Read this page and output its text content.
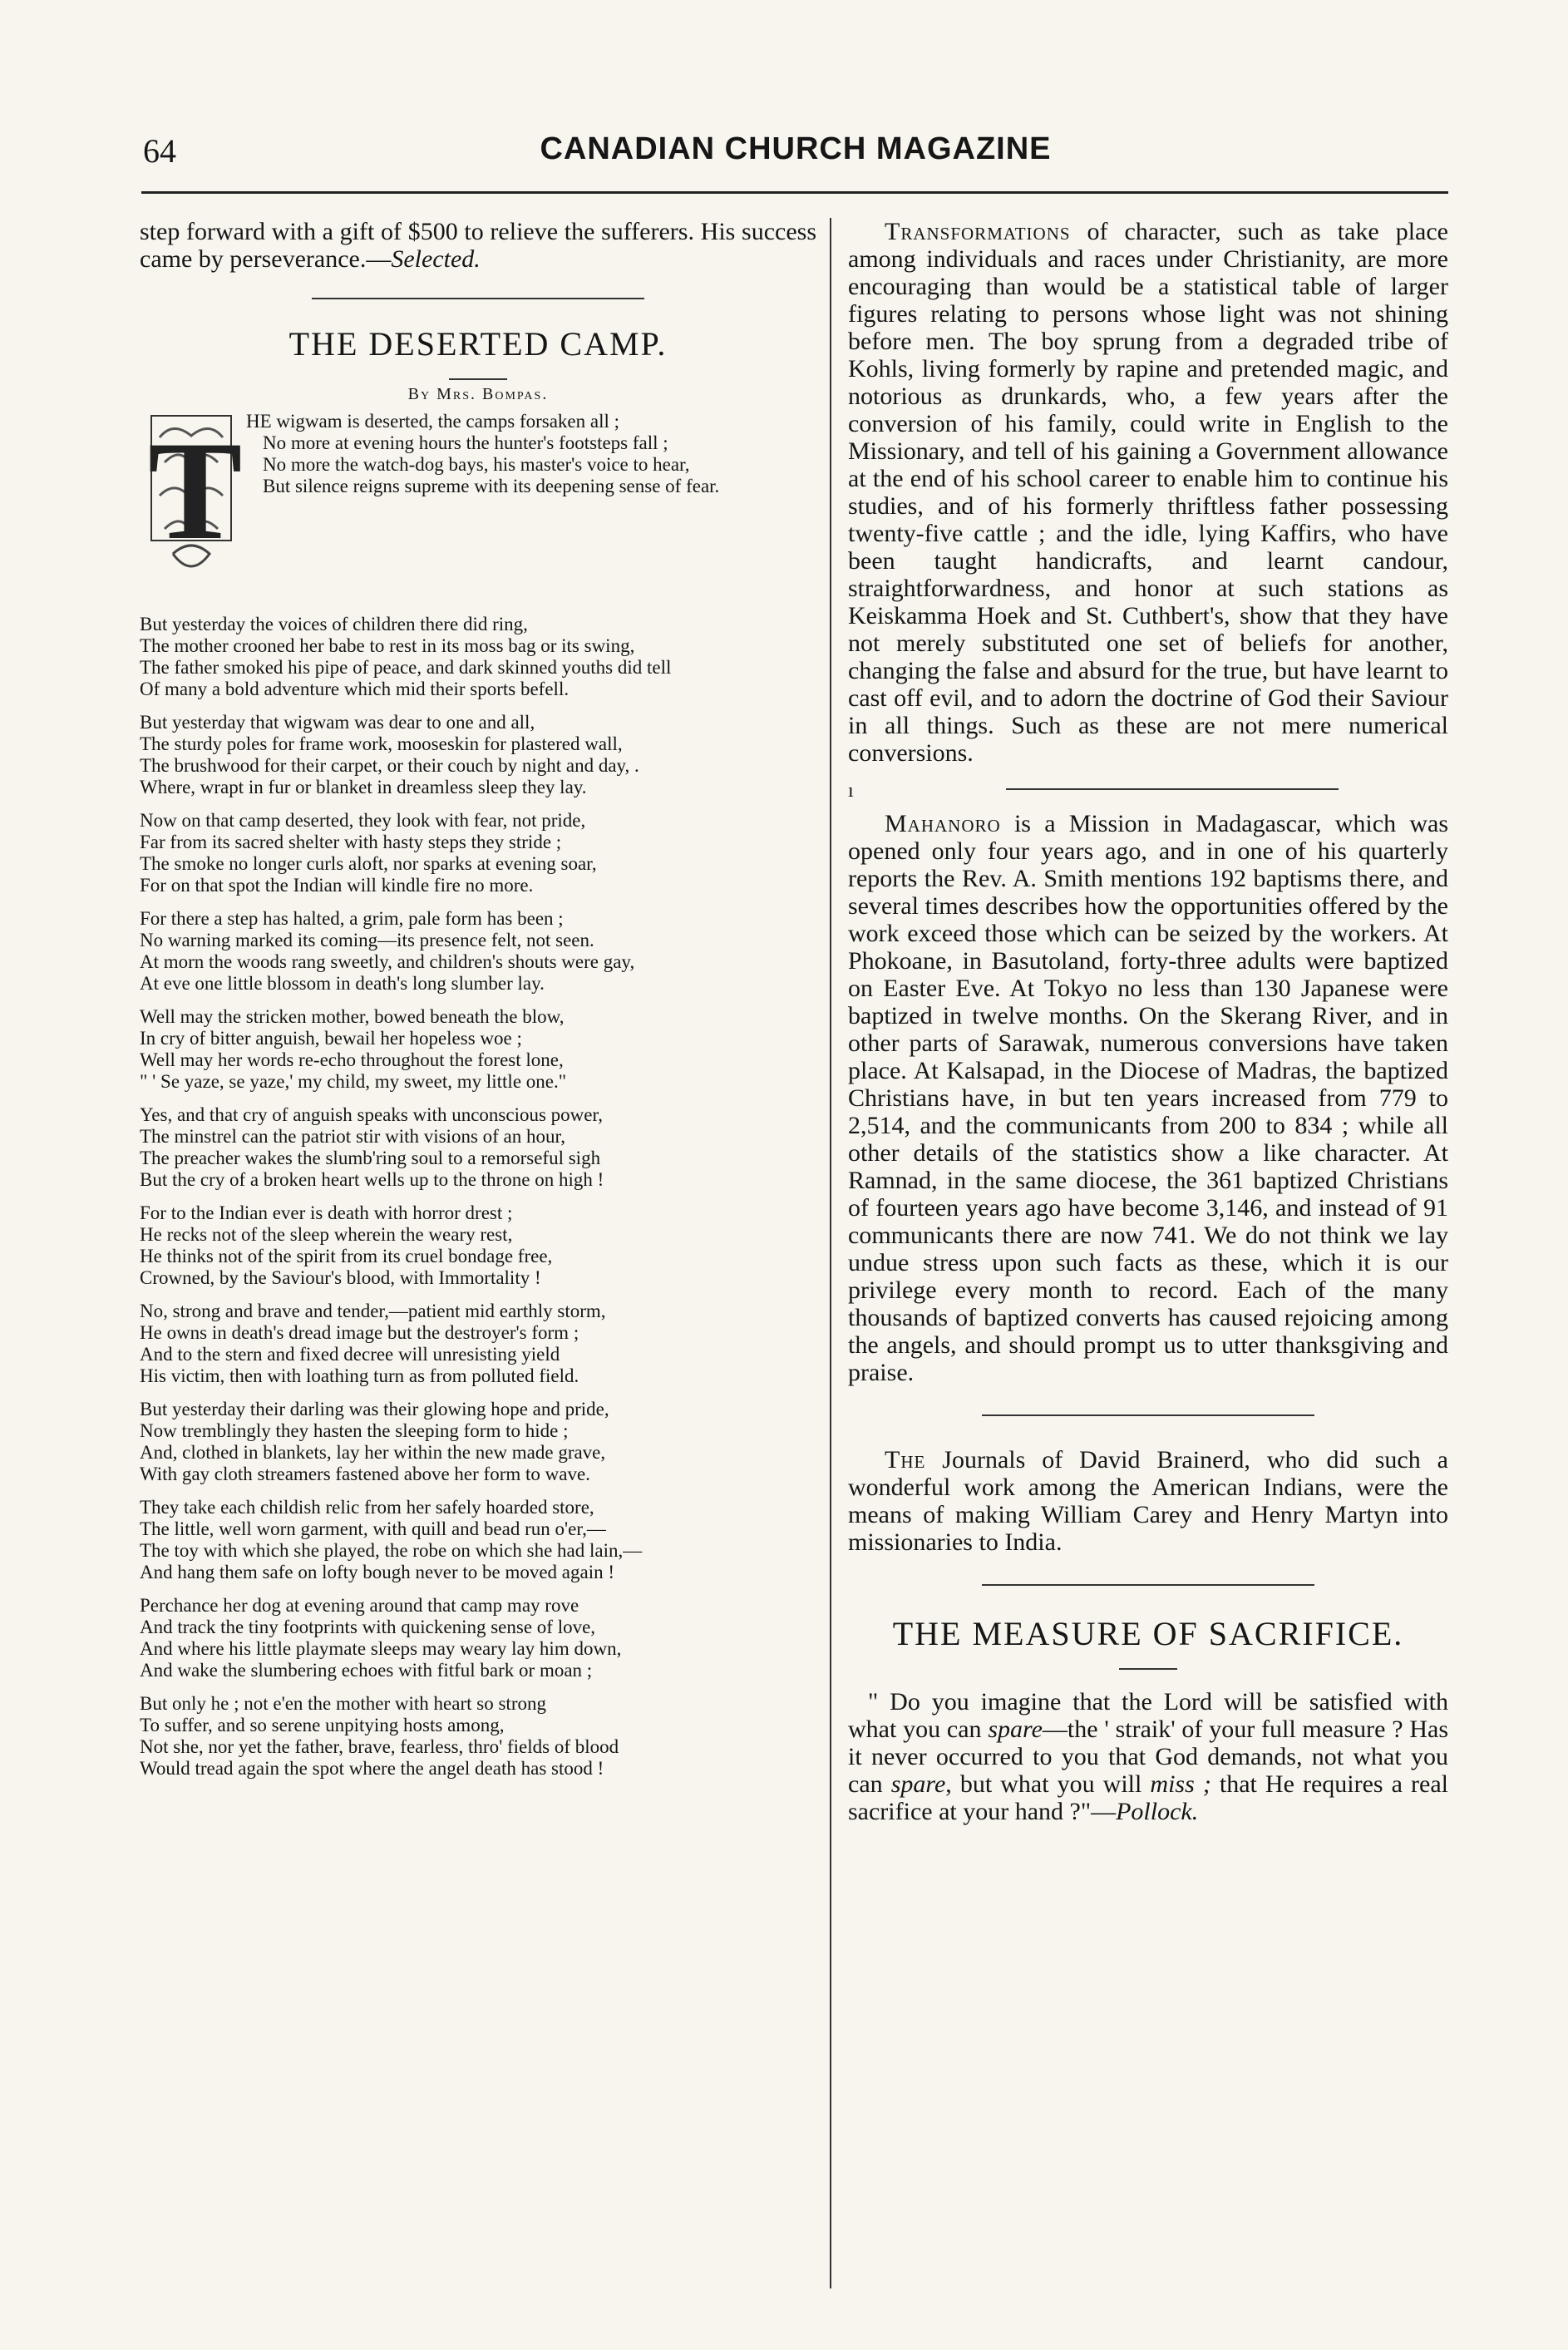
64	CANADIAN CHURCH MAGAZINE

step forward with a gift of $500 to relieve the sufferers. His success came by perseverance.—Selected.

THE DESERTED CAMP.
By Mrs. Bompas.
T HE wigwam is deserted, the camps forsaken all ;
No more at evening hours the hunter's footsteps fall ;
No more the watch-dog bays, his master's voice to hear,
But silence reigns supreme with its deepening sense of fear.
But yesterday the voices of children there did ring,
The mother crooned her babe to rest in its moss bag or its swing,
The father smoked his pipe of peace, and dark skinned youths did tell
Of many a bold adventure which mid their sports befell.
But yesterday that wigwam was dear to one and all,
The sturdy poles for frame work, mooseskin for plastered wall,
The brushwood for their carpet, or their couch by night and day, .
Where, wrapt in fur or blanket in dreamless sleep they lay.
Now on that camp deserted, they look with fear, not pride,
Far from its sacred shelter with hasty steps they stride ;
The smoke no longer curls aloft, nor sparks at evening soar,
For on that spot the Indian will kindle fire no more.
For there a step has halted, a grim, pale form has been ;
No warning marked its coming—its presence felt, not seen.
At morn the woods rang sweetly, and children's shouts were gay,
At eve one little blossom in death's long slumber lay.
Well may the stricken mother, bowed beneath the blow,
In cry of bitter anguish, bewail her hopeless woe ;
Well may her words re-echo throughout the forest lone,
" ' Se yaze, se yaze,' my child, my sweet, my little one."
Yes, and that cry of anguish speaks with unconscious power,
The minstrel can the patriot stir with visions of an hour,
The preacher wakes the slumb'ring soul to a remorseful sigh
But the cry of a broken heart wells up to the throne on high !
For to the Indian ever is death with horror drest ;
He recks not of the sleep wherein the weary rest,
He thinks not of the spirit from its cruel bondage free,
Crowned, by the Saviour's blood, with Immortality !
No, strong and brave and tender,—patient mid earthly storm,
He owns in death's dread image but the destroyer's form ;
And to the stern and fixed decree will unresisting yield
His victim, then with loathing turn as from polluted field.
But yesterday their darling was their glowing hope and pride,
Now tremblingly they hasten the sleeping form to hide ;
And, clothed in blankets, lay her within the new made grave,
With gay cloth streamers fastened above her form to wave.
They take each childish relic from her safely hoarded store,
The little, well worn garment, with quill and bead run o'er,—
The toy with which she played, the robe on which she had lain,—
And hang them safe on lofty bough never to be moved again !
Perchance her dog at evening around that camp may rove
And track the tiny footprints with quickening sense of love,
And where his little playmate sleeps may weary lay him down,
And wake the slumbering echoes with fitful bark or moan ;
But only he ; not e'en the mother with heart so strong
To suffer, and so serene unpitying hosts among,
Not she, nor yet the father, brave, fearless, thro' fields of blood
Would tread again the spot where the angel death has stood !

Transformations of character, such as take place among individuals and races under Christianity, are more encouraging than would be a statistical table of larger figures relating to persons whose light was not shining before men. The boy sprung from a degraded tribe of Kohls, living formerly by rapine and pretended magic, and notorious as drunkards, who, a few years after the conversion of his family, could write in English to the Missionary, and tell of his gaining a Government allowance at the end of his school career to enable him to continue his studies, and of his formerly thriftless father possessing twenty-five cattle ; and the idle, lying Kaffirs, who have been taught handicrafts, and learnt candour, straightforwardness, and honor at such stations as Keiskamma Hoek and St. Cuthbert's, show that they have not merely substituted one set of beliefs for another, changing the false and absurd for the true, but have learnt to cast off evil, and to adorn the doctrine of God their Saviour in all things. Such as these are not mere numerical conversions.

ı

Mahanoro is a Mission in Madagascar, which was opened only four years ago, and in one of his quarterly reports the Rev. A. Smith mentions 192 baptisms there, and several times describes how the opportunities offered by the work exceed those which can be seized by the workers. At Phokoane, in Basutoland, forty-three adults were baptized on Easter Eve. At Tokyo no less than 130 Japanese were baptized in twelve months. On the Skerang River, and in other parts of Sarawak, numerous conversions have taken place. At Kalsapad, in the Diocese of Madras, the baptized Christians have, in but ten years increased from 779 to 2,514, and the communicants from 200 to 834 ; while all other details of the statistics show a like character. At Ramnad, in the same diocese, the 361 baptized Christians of fourteen years ago have become 3,146, and instead of 91 communicants there are now 741. We do not think we lay undue stress upon such facts as these, which it is our privilege every month to record. Each of the many thousands of baptized converts has caused rejoicing among the angels, and should prompt us to utter thanksgiving and praise.

The Journals of David Brainerd, who did such a wonderful work among the American Indians, were the means of making William Carey and Henry Martyn into missionaries to India.

THE MEASURE OF SACRIFICE.

" Do you imagine that the Lord will be satisfied with what you can spare—the ' straik' of your full measure ? Has it never occurred to you that God demands, not what you can spare, but what you will miss ; that He requires a real sacrifice at your hand ?"—Pollock.
